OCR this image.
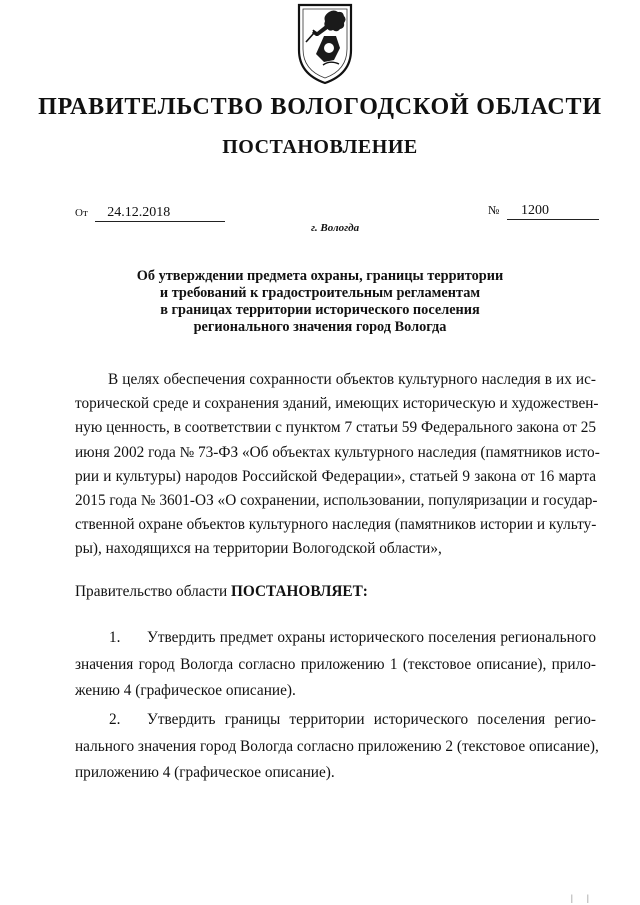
ПРАВИТЕЛЬСТВО ВОЛОГОДСКОЙ ОБЛАСТИ
ПОСТАНОВЛЕНИЕ
От 24.12.2018	№ 1200
г. Вологда
Об утверждении предмета охраны, границы территории
и требований к градостроительным регламентам
в границах территории исторического поселения
регионального значения город Вологда
В целях обеспечения сохранности объектов культурного наследия в их ис-
торической среде и сохранения зданий, имеющих историческую и художествен-
ную ценность, в соответствии с пунктом 7 статьи 59 Федерального закона от 25
июня 2002 года № 73-ФЗ «Об объектах культурного наследия (памятников исто-
рии и культуры) народов Российской Федерации», статьей 9 закона от 16 марта
2015 года № 3601-ОЗ «О сохранении, использовании, популяризации и государ-
ственной охране объектов культурного наследия (памятников истории и культу-
ры), находящихся на территории Вологодской области»,
Правительство области ПОСТАНОВЛЯЕТ:
1. Утвердить предмет охраны исторического поселения регионального
значения город Вологда согласно приложению 1 (текстовое описание), прило-
жению 4 (графическое описание).
2. Утвердить границы территории исторического поселения регио-
нального значения город Вологда согласно приложению 2 (текстовое описание),
приложению 4 (графическое описание).
| |
